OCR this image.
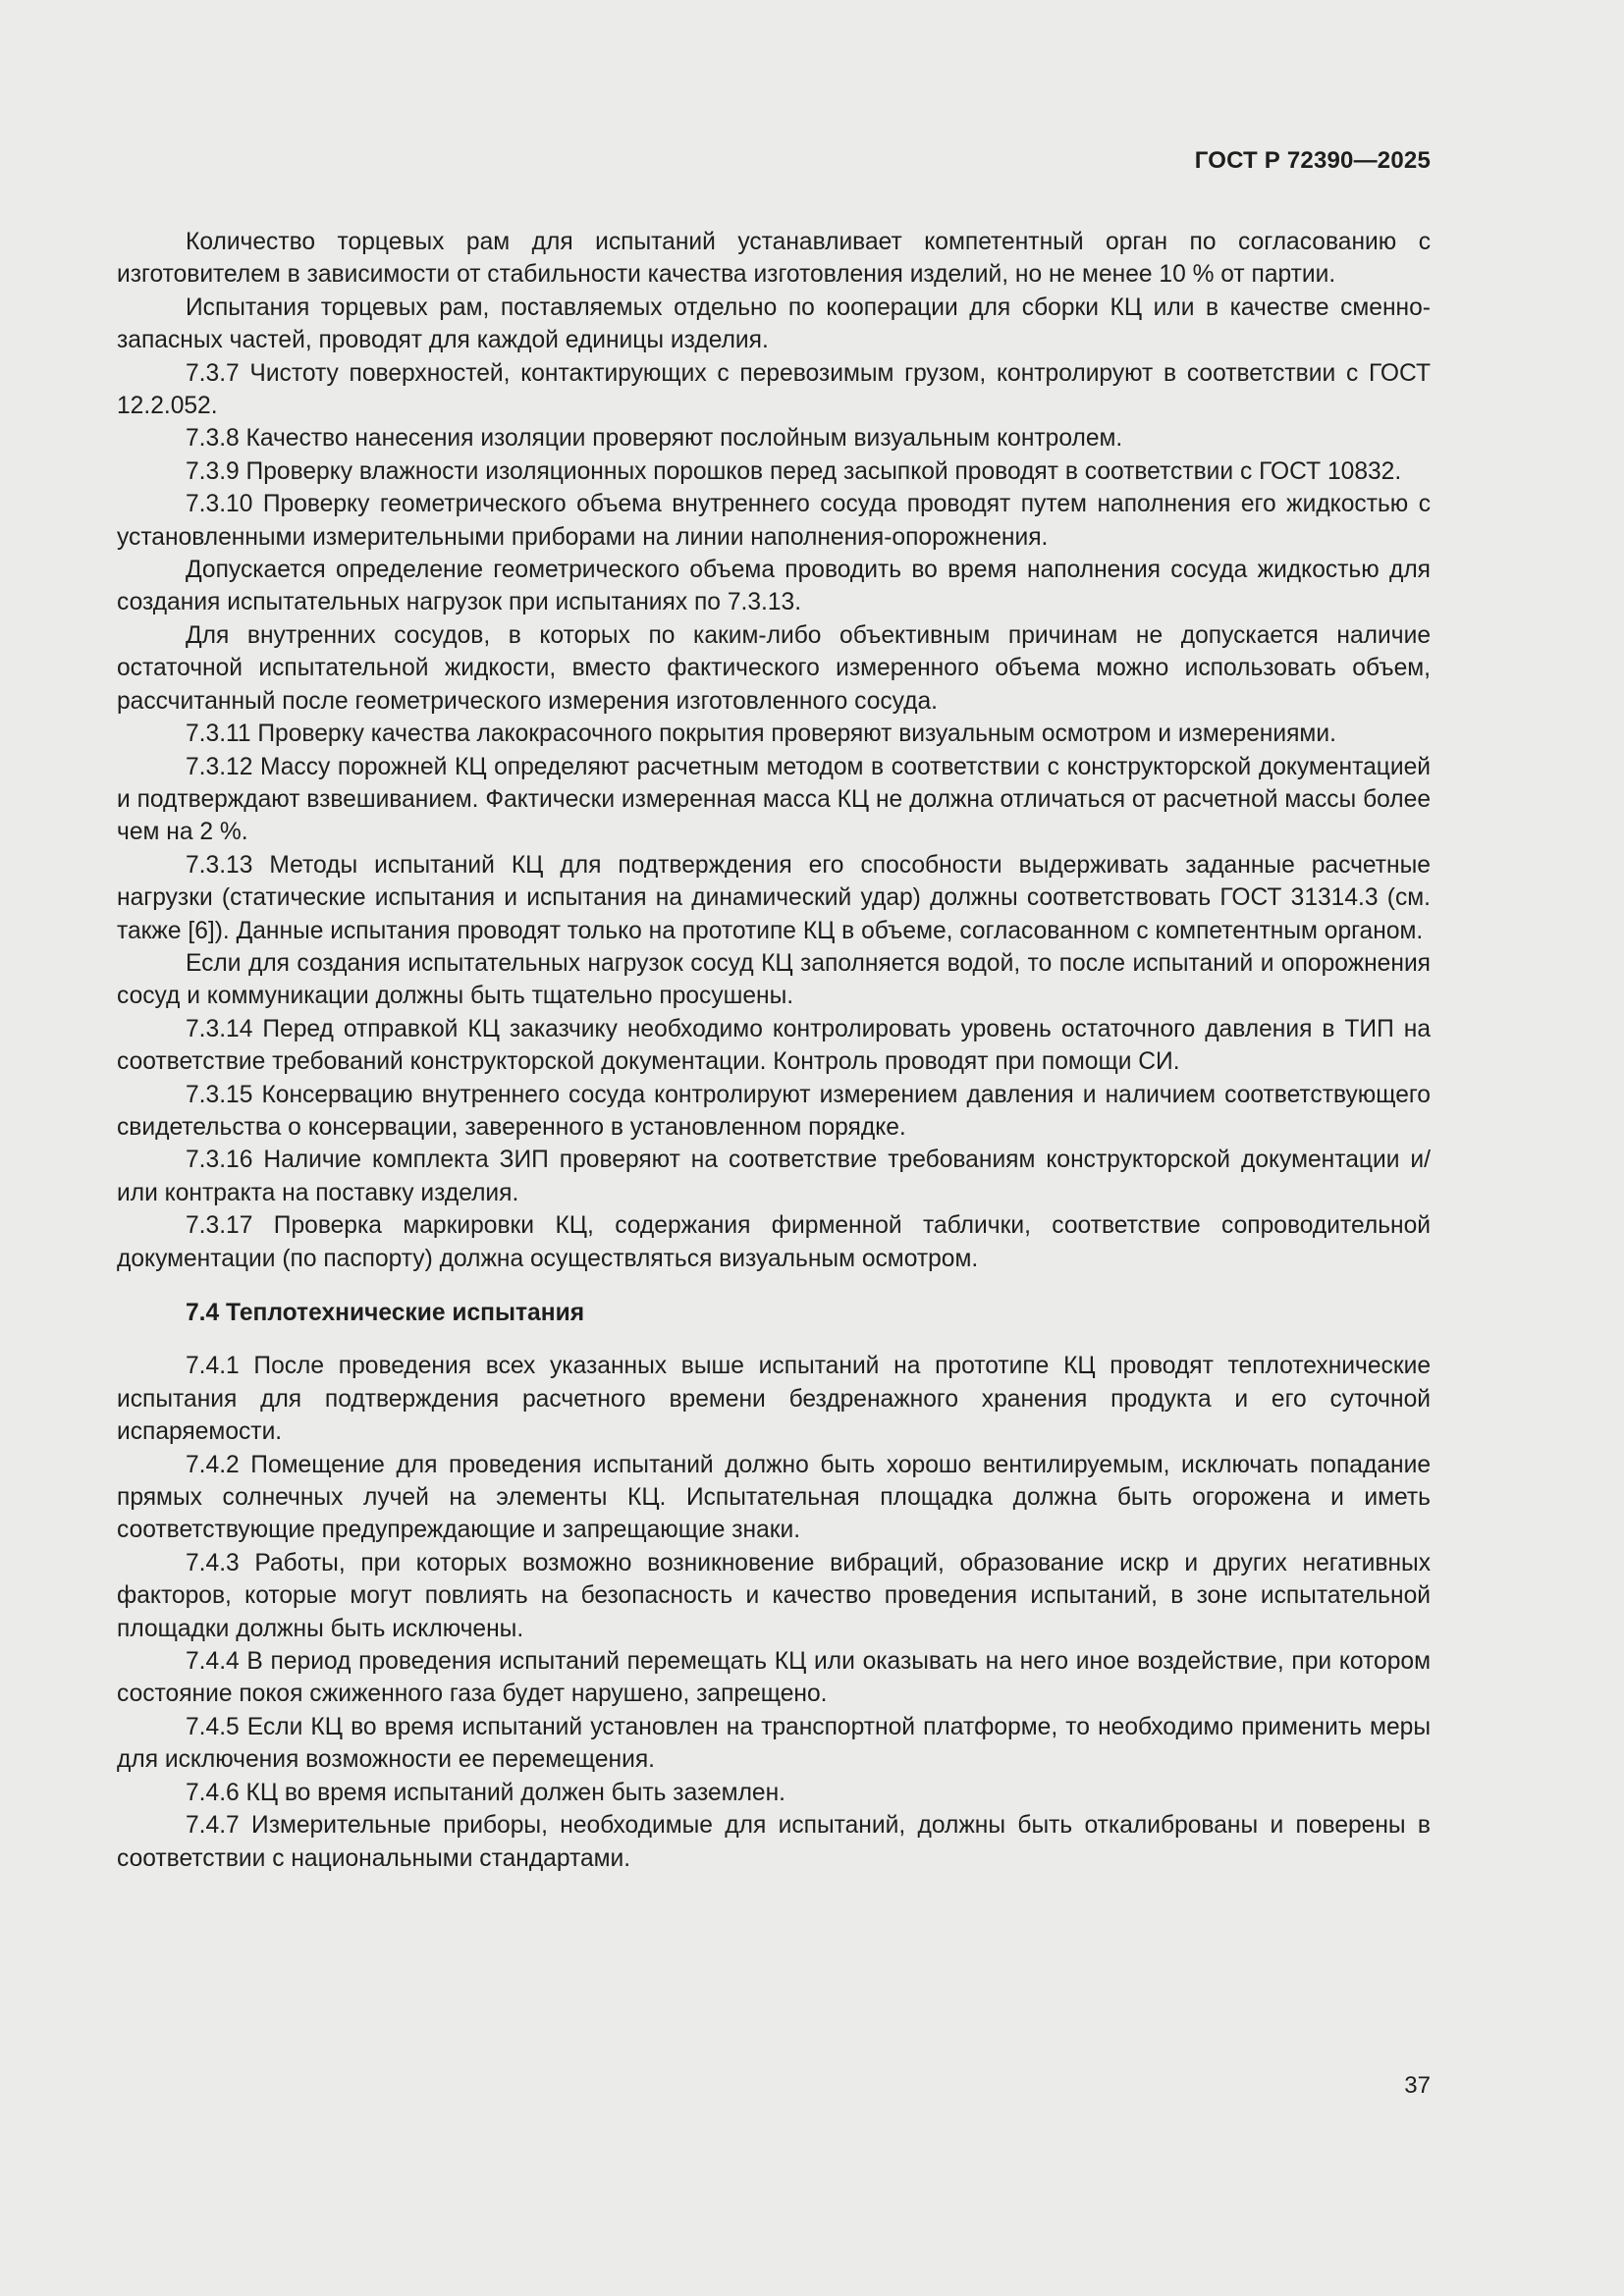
ГОСТ Р 72390—2025

Количество торцевых рам для испытаний устанавливает компетентный орган по согласованию с изготовителем в зависимости от стабильности качества изготовления изделий, но не менее 10 % от партии.

Испытания торцевых рам, поставляемых отдельно по кооперации для сборки КЦ или в качестве сменно-запасных частей, проводят для каждой единицы изделия.

7.3.7 Чистоту поверхностей, контактирующих с перевозимым грузом, контролируют в соответствии с ГОСТ 12.2.052.

7.3.8 Качество нанесения изоляции проверяют послойным визуальным контролем.

7.3.9 Проверку влажности изоляционных порошков перед засыпкой проводят в соответствии с ГОСТ 10832.

7.3.10 Проверку геометрического объема внутреннего сосуда проводят путем наполнения его жидкостью с установленными измерительными приборами на линии наполнения-опорожнения.

Допускается определение геометрического объема проводить во время наполнения сосуда жидкостью для создания испытательных нагрузок при испытаниях по 7.3.13.

Для внутренних сосудов, в которых по каким-либо объективным причинам не допускается наличие остаточной испытательной жидкости, вместо фактического измеренного объема можно использовать объем, рассчитанный после геометрического измерения изготовленного сосуда.

7.3.11 Проверку качества лакокрасочного покрытия проверяют визуальным осмотром и измерениями.

7.3.12 Массу порожней КЦ определяют расчетным методом в соответствии с конструкторской документацией и подтверждают взвешиванием. Фактически измеренная масса КЦ не должна отличаться от расчетной массы более чем на 2 %.

7.3.13 Методы испытаний КЦ для подтверждения его способности выдерживать заданные расчетные нагрузки (статические испытания и испытания на динамический удар) должны соответствовать ГОСТ 31314.3 (см. также [6]). Данные испытания проводят только на прототипе КЦ в объеме, согласованном с компетентным органом.

Если для создания испытательных нагрузок сосуд КЦ заполняется водой, то после испытаний и опорожнения сосуд и коммуникации должны быть тщательно просушены.

7.3.14 Перед отправкой КЦ заказчику необходимо контролировать уровень остаточного давления в ТИП на соответствие требований конструкторской документации. Контроль проводят при помощи СИ.

7.3.15 Консервацию внутреннего сосуда контролируют измерением давления и наличием соответствующего свидетельства о консервации, заверенного в установленном порядке.

7.3.16 Наличие комплекта ЗИП проверяют на соответствие требованиям конструкторской документации и/или контракта на поставку изделия.

7.3.17 Проверка маркировки КЦ, содержания фирменной таблички, соответствие сопроводительной документации (по паспорту) должна осуществляться визуальным осмотром.

7.4 Теплотехнические испытания

7.4.1 После проведения всех указанных выше испытаний на прототипе КЦ проводят теплотехнические испытания для подтверждения расчетного времени бездренажного хранения продукта и его суточной испаряемости.

7.4.2 Помещение для проведения испытаний должно быть хорошо вентилируемым, исключать попадание прямых солнечных лучей на элементы КЦ. Испытательная площадка должна быть огорожена и иметь соответствующие предупреждающие и запрещающие знаки.

7.4.3 Работы, при которых возможно возникновение вибраций, образование искр и других негативных факторов, которые могут повлиять на безопасность и качество проведения испытаний, в зоне испытательной площадки должны быть исключены.

7.4.4 В период проведения испытаний перемещать КЦ или оказывать на него иное воздействие, при котором состояние покоя сжиженного газа будет нарушено, запрещено.

7.4.5 Если КЦ во время испытаний установлен на транспортной платформе, то необходимо применить меры для исключения возможности ее перемещения.

7.4.6 КЦ во время испытаний должен быть заземлен.

7.4.7 Измерительные приборы, необходимые для испытаний, должны быть откалиброваны и поверены в соответствии с национальными стандартами.

37
